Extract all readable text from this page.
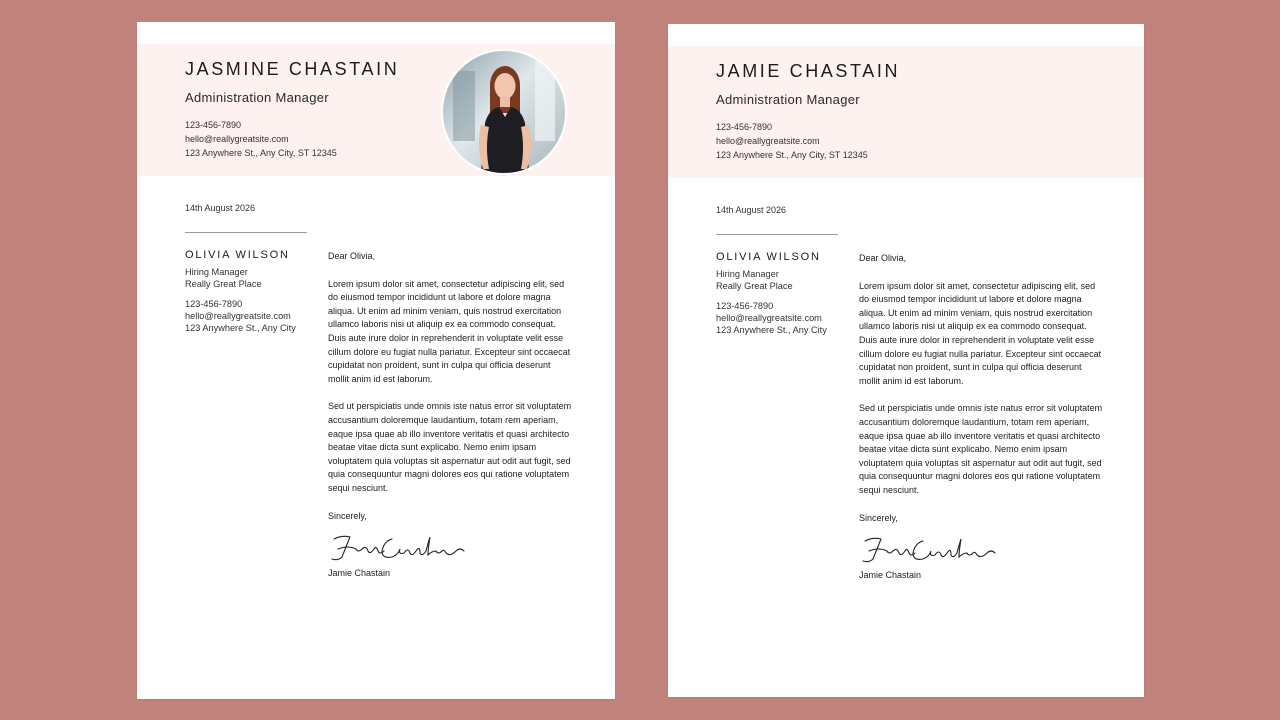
JASMINE CHASTAIN
Administration Manager
123-456-7890
hello@reallygreatsite.com
123 Anywhere St., Any City, ST 12345
14th August 2026
OLIVIA WILSON
Hiring Manager
Really Great Place
123-456-7890
hello@reallygreatsite.com
123 Anywhere St., Any City

Dear Olivia,

Lorem ipsum dolor sit amet, consectetur adipiscing elit, sed do eiusmod tempor incididunt ut labore et dolore magna aliqua. Ut enim ad minim veniam, quis nostrud exercitation ullamco laboris nisi ut aliquip ex ea commodo consequat. Duis aute irure dolor in reprehenderit in voluptate velit esse cillum dolore eu fugiat nulla pariatur. Excepteur sint occaecat cupidatat non proident, sunt in culpa qui officia deserunt mollit anim id est laborum.

Sed ut perspiciatis unde omnis iste natus error sit voluptatem accusantium doloremque laudantium, totam rem aperiam, eaque ipsa quae ab illo inventore veritatis et quasi architecto beatae vitae dicta sunt explicabo. Nemo enim ipsam voluptatem quia voluptas sit aspernatur aut odit aut fugit, sed quia consequuntur magni dolores eos qui ratione voluptatem sequi nesciunt.

Sincerely,

Jamie Chastain

JAMIE CHASTAIN
Administration Manager
123-456-7890
hello@reallygreatsite.com
123 Anywhere St., Any City, ST 12345
14th August 2026
OLIVIA WILSON
Hiring Manager
Really Great Place
123-456-7890
hello@reallygreatsite.com
123 Anywhere St., Any City

Dear Olivia,

Lorem ipsum dolor sit amet, consectetur adipiscing elit, sed do eiusmod tempor incididunt ut labore et dolore magna aliqua. Ut enim ad minim veniam, quis nostrud exercitation ullamco laboris nisi ut aliquip ex ea commodo consequat. Duis aute irure dolor in reprehenderit in voluptate velit esse cillum dolore eu fugiat nulla pariatur. Excepteur sint occaecat cupidatat non proident, sunt in culpa qui officia deserunt mollit anim id est laborum.

Sed ut perspiciatis unde omnis iste natus error sit voluptatem accusantium doloremque laudantium, totam rem aperiam, eaque ipsa quae ab illo inventore veritatis et quasi architecto beatae vitae dicta sunt explicabo. Nemo enim ipsam voluptatem quia voluptas sit aspernatur aut odit aut fugit, sed quia consequuntur magni dolores eos qui ratione voluptatem sequi nesciunt.

Sincerely,

Jamie Chastain
